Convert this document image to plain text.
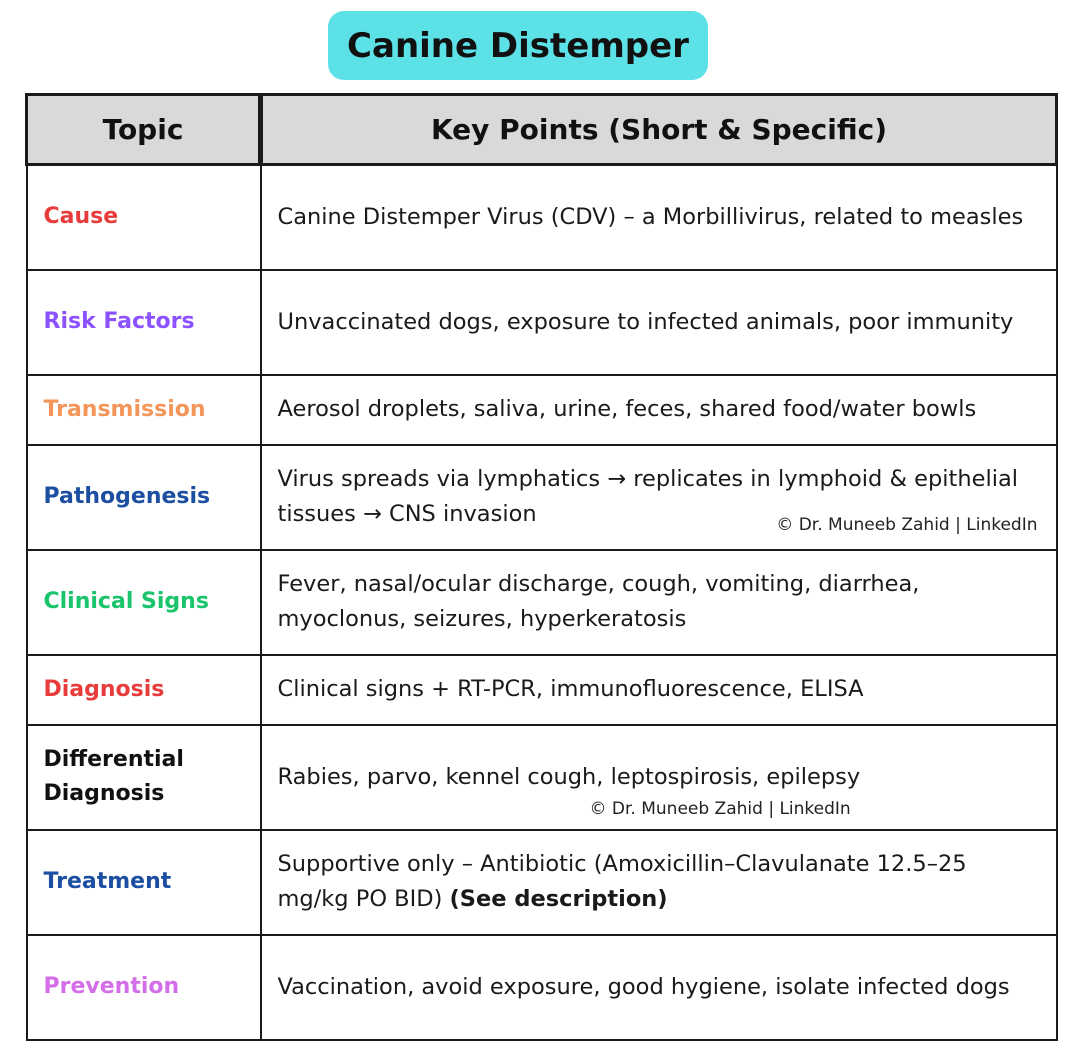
Canine Distemper
Topic	Key Points (Short & Specific)
Cause	Canine Distemper Virus (CDV) – a Morbillivirus, related to measles
Risk Factors	Unvaccinated dogs, exposure to infected animals, poor immunity
Transmission	Aerosol droplets, saliva, urine, feces, shared food/water bowls
Pathogenesis	Virus spreads via lymphatics → replicates in lymphoid & epithelial tissues → CNS invasion © Dr. Muneeb Zahid | LinkedIn

Clinical Signs	Fever, nasal/ocular discharge, cough, vomiting, diarrhea, myoclonus, seizures, hyperkeratosis
Diagnosis	Clinical signs + RT-PCR, immunofluorescence, ELISA
Differential Diagnosis	Rabies, parvo, kennel cough, leptospirosis, epilepsy
© Dr. Muneeb Zahid | LinkedIn

Treatment	Supportive only – Antibiotic (Amoxicillin–Clavulanate 12.5–25 mg/kg PO BID) (See description)
Prevention	Vaccination, avoid exposure, good hygiene, isolate infected dogs
